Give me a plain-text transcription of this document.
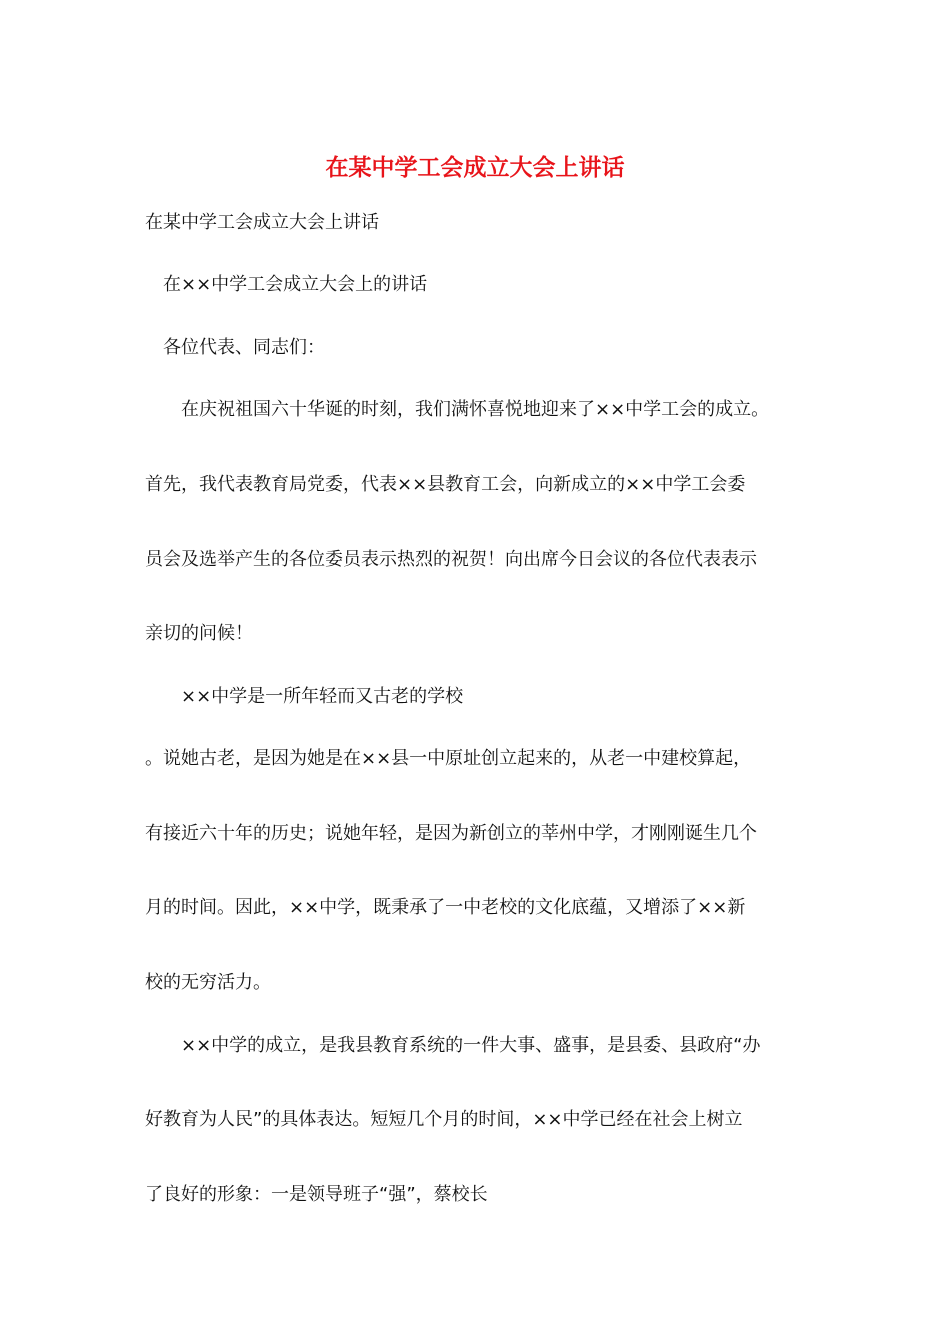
在某中学工会成立大会上讲话
在某中学工会成立大会上讲话
　在××中学工会成立大会上的讲话
　各位代表、同志们：
　　在庆祝祖国六十华诞的时刻，我们满怀喜悦地迎来了××中学工会的成立。
首先，我代表教育局党委，代表××县教育工会，向新成立的××中学工会委
员会及选举产生的各位委员表示热烈的祝贺！向出席今日会议的各位代表表示
亲切的问候！
　　××中学是一所年轻而又古老的学校
。说她古老，是因为她是在××县一中原址创立起来的，从老一中建校算起，
有接近六十年的历史；说她年轻，是因为新创立的莘州中学，才刚刚诞生几个
月的时间。因此，××中学，既秉承了一中老校的文化底蕴，又增添了××新
校的无穷活力。
　　××中学的成立，是我县教育系统的一件大事、盛事，是县委、县政府“办
好教育为人民”的具体表达。短短几个月的时间，××中学已经在社会上树立
了良好的形象：一是领导班子“强”，蔡校长
